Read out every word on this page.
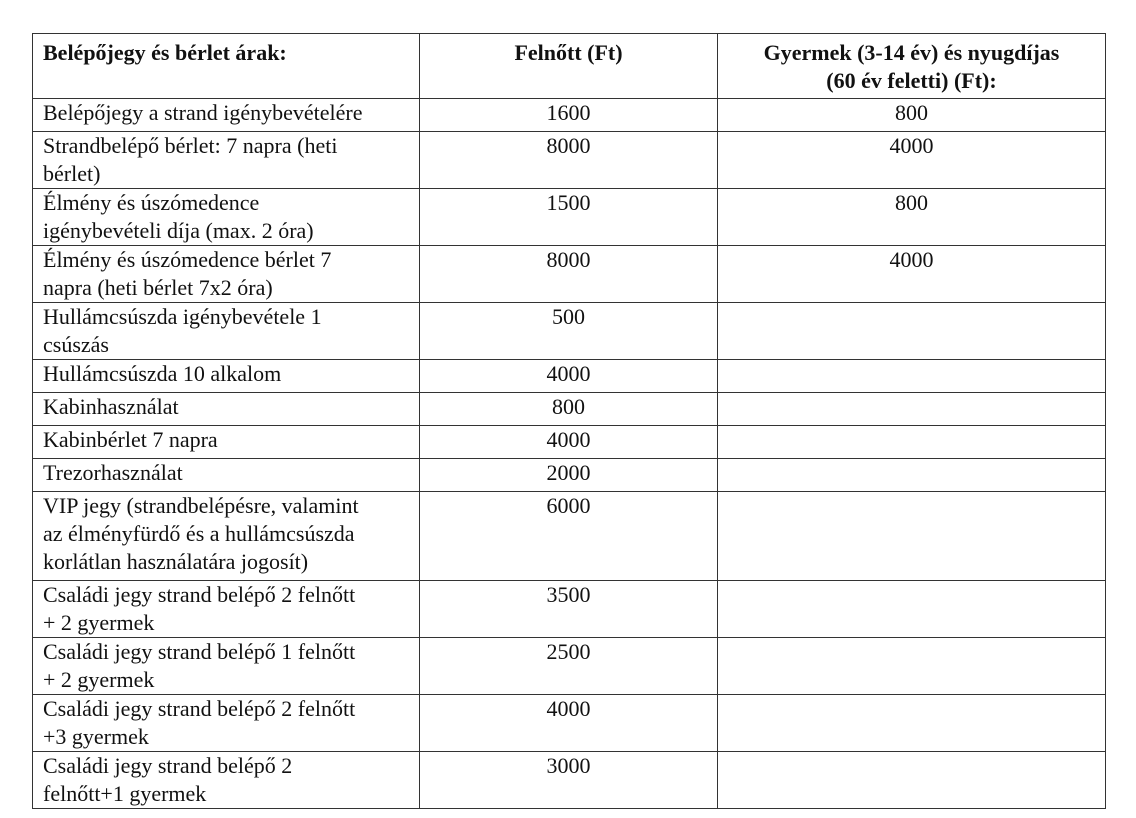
Belépőjegy és bérlet árak:	Felnőtt (Ft)	Gyermek (3-14 év) és nyugdíjas
(60 év feletti) (Ft):
Belépőjegy a strand igénybevételére	1600	800
Strandbelépő bérlet: 7 napra (heti
bérlet)	8000	4000
Élmény és úszómedence
igénybevételi díja (max. 2 óra)	1500	800
Élmény és úszómedence bérlet 7
napra (heti bérlet 7x2 óra)	8000	4000
Hullámcsúszda igénybevétele 1
csúszás	500	
Hullámcsúszda 10 alkalom	4000	
Kabinhasználat	800	
Kabinbérlet 7 napra	4000	
Trezorhasználat	2000	
VIP jegy (strandbelépésre, valamint
az élményfürdő és a hullámcsúszda
korlátlan használatára jogosít)	6000	
Családi jegy strand belépő 2 felnőtt
+ 2 gyermek	3500	
Családi jegy strand belépő 1 felnőtt
+ 2 gyermek	2500	
Családi jegy strand belépő 2 felnőtt
+3 gyermek	4000	
Családi jegy strand belépő 2
felnőtt+1 gyermek	3000	
